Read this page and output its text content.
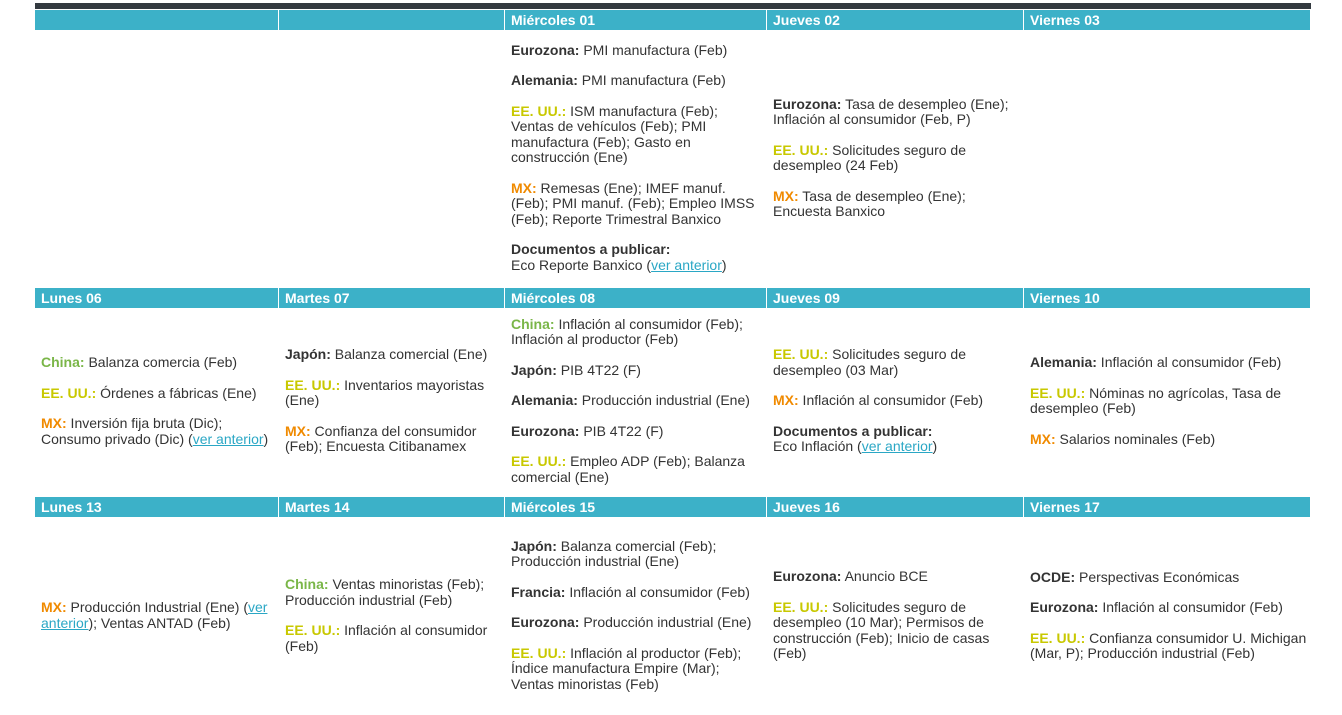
Miércoles 01

Eurozona: PMI manufactura (Feb)

Alemania: PMI manufactura (Feb)

EE. UU.: ISM manufactura (Feb); Ventas de vehículos (Feb); PMI manufactura (Feb); Gasto en construcción (Ene)

MX: Remesas (Ene); IMEF manuf. (Feb); PMI manuf. (Feb); Empleo IMSS (Feb); Reporte Trimestral Banxico

Documentos a publicar:
Eco Reporte Banxico (ver anterior)

Jueves 02

Eurozona: Tasa de desempleo (Ene); Inflación al consumidor (Feb, P)

EE. UU.: Solicitudes seguro de desempleo (24 Feb)

MX: Tasa de desempleo (Ene); Encuesta Banxico

Viernes 03
Lunes 06

China: Balanza comercia (Feb)

EE. UU.: Órdenes a fábricas (Ene)

MX: Inversión fija bruta (Dic); Consumo privado (Dic) (ver anterior)

Martes 07

Japón: Balanza comercial (Ene)

EE. UU.: Inventarios mayoristas (Ene)

MX: Confianza del consumidor (Feb); Encuesta Citibanamex

Miércoles 08

China: Inflación al consumidor (Feb); Inflación al productor (Feb)

Japón: PIB 4T22 (F)

Alemania: Producción industrial (Ene)

Eurozona: PIB 4T22 (F)

EE. UU.: Empleo ADP (Feb); Balanza comercial (Ene)

Jueves 09

EE. UU.: Solicitudes seguro de desempleo (03 Mar)

MX: Inflación al consumidor (Feb)

Documentos a publicar:
Eco Inflación (ver anterior)

Viernes 10

Alemania: Inflación al consumidor (Feb)

EE. UU.: Nóminas no agrícolas, Tasa de desempleo (Feb)

MX: Salarios nominales (Feb)

Lunes 13

MX: Producción Industrial (Ene) (ver anterior); Ventas ANTAD (Feb)

Martes 14

China: Ventas minoristas (Feb); Producción industrial (Feb)

EE. UU.: Inflación al consumidor (Feb)

Miércoles 15

Japón: Balanza comercial (Feb); Producción industrial (Ene)

Francia: Inflación al consumidor (Feb)

Eurozona: Producción industrial (Ene)

EE. UU.: Inflación al productor (Feb); Índice manufactura Empire (Mar); Ventas minoristas (Feb)

Jueves 16

Eurozona: Anuncio BCE

EE. UU.: Solicitudes seguro de desempleo (10 Mar); Permisos de construcción (Feb); Inicio de casas (Feb)

Viernes 17

OCDE: Perspectivas Económicas

Eurozona: Inflación al consumidor (Feb)

EE. UU.: Confianza consumidor U. Michigan (Mar, P); Producción industrial (Feb)
